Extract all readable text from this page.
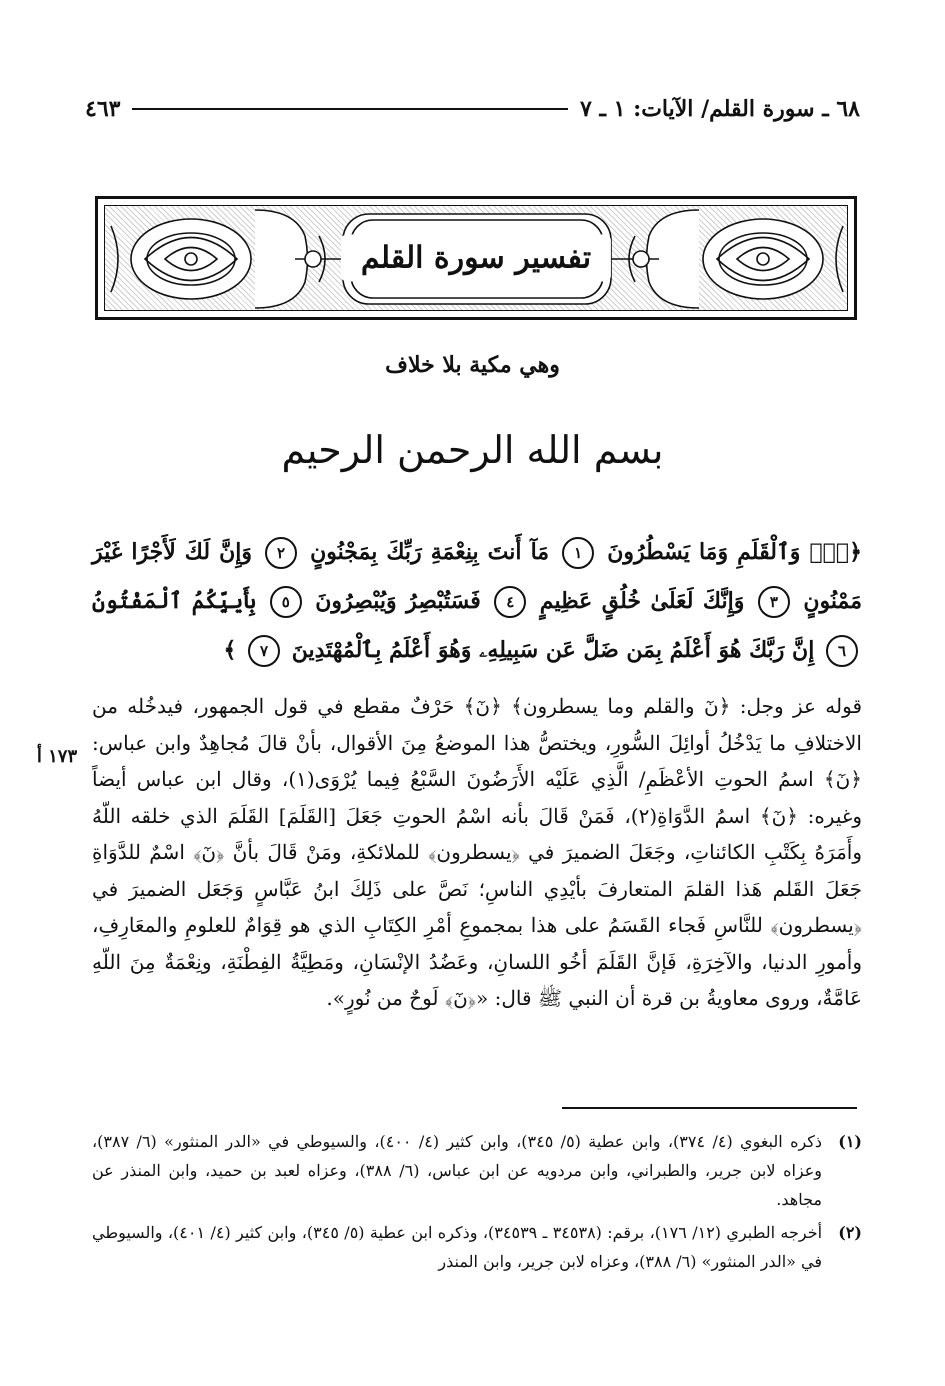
٦٨ ـ سورة القلم/ الآيات: ١ ـ ٧
٤٦٣
تفسير سورة القلم
وهي مكية بلا خلاف
بسم الله الرحمن الرحيم
﴿نٓۚ وَٱلْقَلَمِ وَمَا يَسْطُرُونَ ١ مَآ أَنتَ بِنِعْمَةِ رَبِّكَ بِمَجْنُونٍ ٢ وَإِنَّ لَكَ لَأَجْرًا غَيْرَ مَمْنُونٍ ٣ وَإِنَّكَ لَعَلَىٰ خُلُقٍ عَظِيمٍ ٤ فَسَتُبْصِرُ وَيُبْصِرُونَ ٥ بِأَييِّكُمُ ٱلْمَفْتُونُ ٦ إِنَّ رَبَّكَ هُوَ أَعْلَمُ بِمَن ضَلَّ عَن سَبِيلِهِۦ وَهُوَ أَعْلَمُ بِٱلْمُهْتَدِينَ ٧ ﴾

قوله عز وجل: ﴿نٓ والقلم وما يسطرون﴾ ﴿نٓ﴾ حَرْفٌ مقطع في قول الجمهور، فيدخُله من الاختلافِ ما يَدْخُلُ أوائِلَ السُّورِ، ويختصُّ هذا الموضعُ مِنَ الأقوال، بأنْ قالَ مُجاهِدٌ وابن عباس: ﴿نٓ﴾ اسمُ الحوتِ الأعْظَمِ/ الَّذِي عَلَيْه الأَرَضُونَ السَّبْعُ فِيما يُرْوَى(١)، وقال ابن عباس أيضاً وغيره: ﴿نٓ﴾ اسمُ الدَّوَاةِ(٢)، فَمَنْ قَالَ بأنه اسْمُ الحوتِ جَعَلَ [القَلَمَ] القَلَمَ الذي خلقه اللّهُ وأَمَرَهُ بِكَتْبِ الكائناتِ، وجَعَلَ الضميرَ في ﴿يسطرون﴾ للملائكةِ، ومَنْ قَالَ بأنَّ ﴿نٓ﴾ اسْمٌ للدَّوَاةِ جَعَلَ القَلم هَذا القلمَ المتعارفَ بأيْدِي الناسِ؛ نَصَّ على ذَلِكَ ابنُ عَبَّاسٍ وَجَعَل الضميرَ في ﴿يسطرون﴾ للنَّاسِ فَجاء القَسَمُ على هذا بمجموعِ أمْرِ الكِتَابِ الذي هو قِوَامٌ للعلومِ والمعَارِفِ، وأمورِ الدنيا، والآخِرَةِ، فَإنَّ القَلَمَ أخُو اللسانِ، وعَضُدُ الإنْسَانِ، ومَطِيَّةُ الفِطْنَةِ، ونِعْمَةٌ مِنَ اللّهِ عَامَّةٌ، وروى معاويةُ بن قرة أن النبي ﷺ قال: «﴿نٓ﴾ لَوحٌ من نُورٍ».

١٧٣ أ
(١)
ذكره البغوي (٤/ ٣٧٤)، وابن عطية (٥/ ٣٤٥)، وابن كثير (٤/ ٤٠٠)، والسيوطي في «الدر المنثور» (٦/ ٣٨٧)، وعزاه لابن جرير، والطبراني، وابن مردويه عن ابن عباس، (٦/ ٣٨٨)، وعزاه لعبد بن حميد، وابن المنذر عن مجاهد.
(٢)
أخرجه الطبري (١٢/ ١٧٦)، برقم: (٣٤٥٣٨ ـ ٣٤٥٣٩)، وذكره ابن عطية (٥/ ٣٤٥)، وابن كثير (٤/ ٤٠١)، والسيوطي في «الدر المنثور» (٦/ ٣٨٨)، وعزاه لابن جرير، وابن المنذر
